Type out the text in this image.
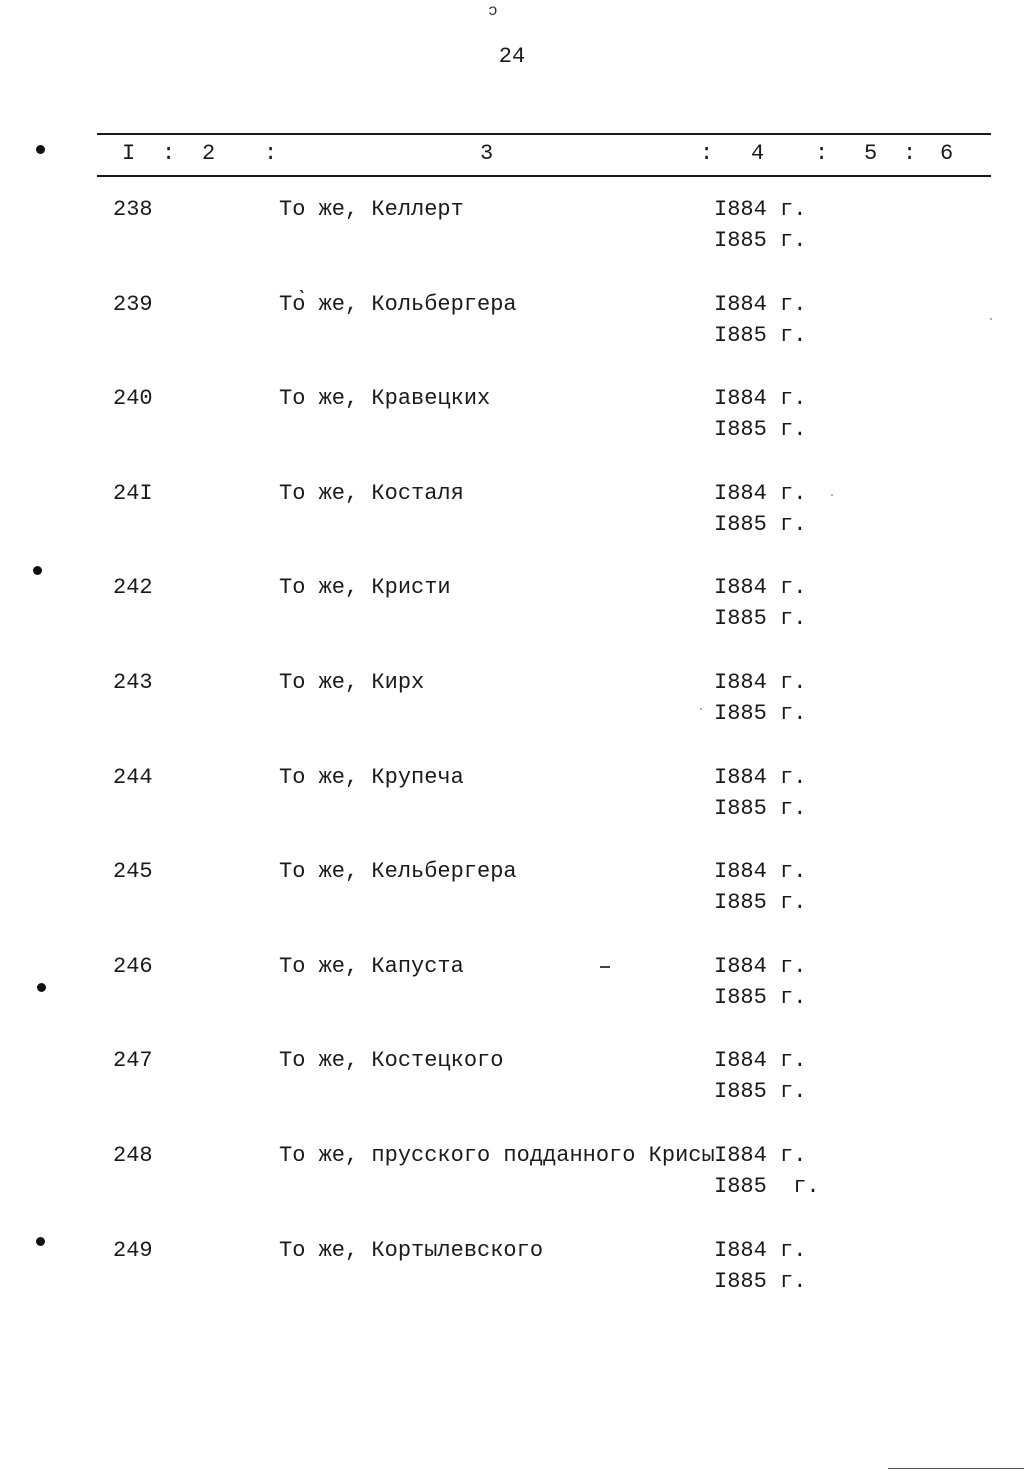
ɔ
24
I : 2 :	3	: 4 : 5 : 6
238	То же, Келлерт	I884 г.
I885 г.
239	То̀ же, Кольбергера	I884 г.
I885 г.
240	То же, Кравецких	I884 г.
I885 г.
24I	То же, Косталя	I884 г.
I885 г.
242	То же, Кристи	I884 г.
I885 г.
243	То же, Кирх	I884 г.
I885 г.
244	То же, Крупеча	I884 г.
I885 г.
245	То же, Кельбергера	I884 г.
I885 г.
246	То же, Капуста	I884 г.
I885 г.
247	То же, Костецкого	I884 г.
I885 г.
248	То же, прусского подданного Крисы I884 г.
I885  г.
249	То же, Кортылевского	I884 г.
I885 г.
